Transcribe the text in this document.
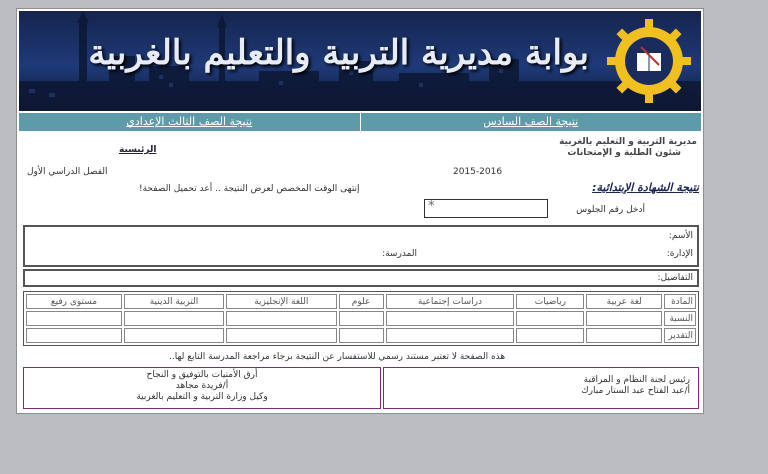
بوابة مديرية التربية والتعليم بالغربية
نتيجة الصف الثالث الإعدادي	نتيجة الصف السادس
مديرية التربية و التعليم بالغربية
شئون الطلبة و الإمتحانات
الرئيسية
2015-2016
الفصل الدراسي الأول
إنتهى الوقت المخصص لعرض النتيجة .. أعد تحميل الصفحة!	نتيجة الشهادة الإبتدائية:
أدخل رقم الجلوس
*
الأسم:
الإدارة:
المدرسة:
التفاصيل:
المادة	لغة عربية	رياضيات	دراسات إجتماعية	علوم	اللغة الإنجليزية	التربية الدينية	مستوى رفيع
النسبة							
التقدير							
هذه الصفحة لا تعتبر مستند رسمي للاستفسار عن النتيجة برجاء مراجعة المدرسة التابع لها..
أرق الأمنيات بالتوفيق و النجاح
أ/فريدة مجاهد
وكيل وزارة التربية و التعليم بالغربية
رئيس لجنة النظام و المراقبة
أ/عبد الفتاح عبد الستار مبارك
